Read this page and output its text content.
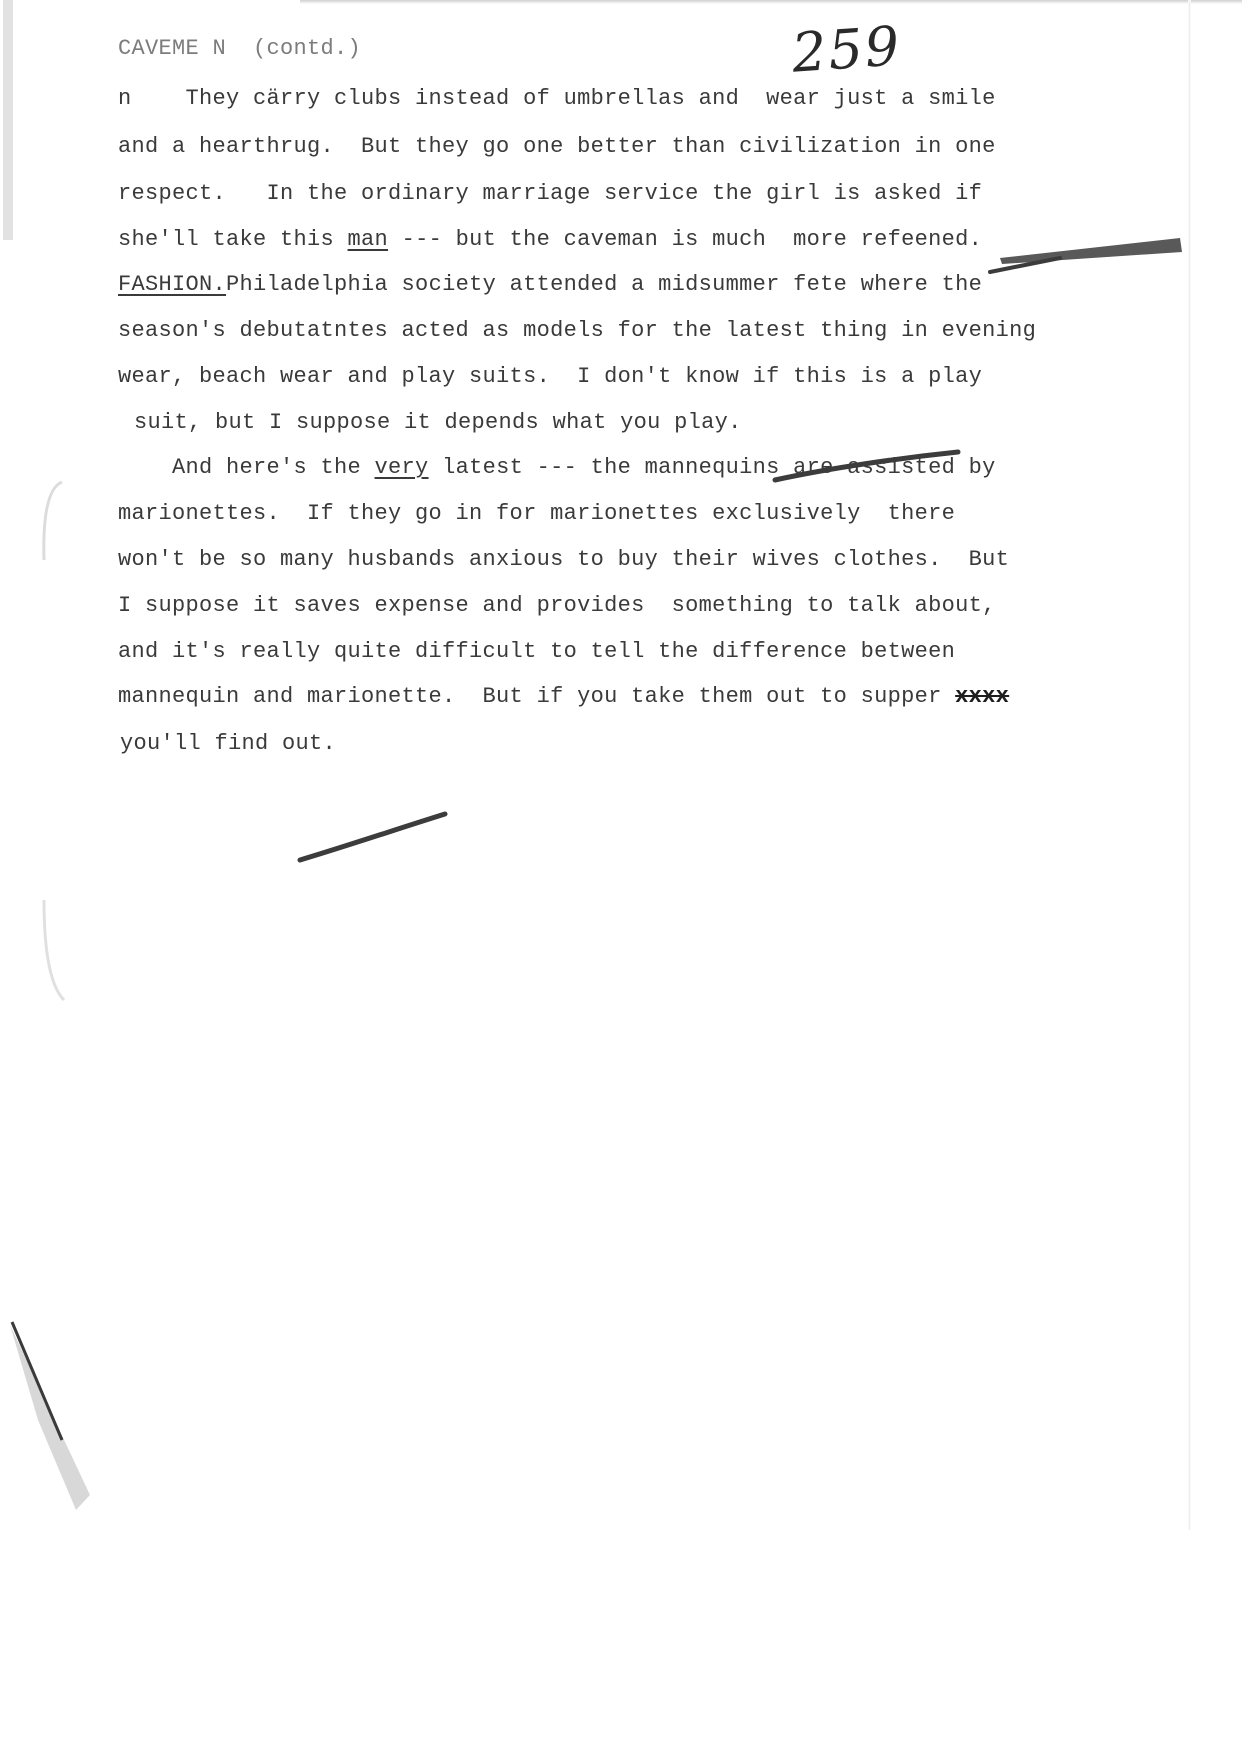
259
CAVEME N (contd.)
n    They cärry clubs instead of umbrellas and  wear just a smile
and a hearthrug.  But they go one better than civilization in one
respect.   In the ordinary marriage service the girl is asked if
she'll take this man --- but the caveman is much  more refeened.
FASHION.Philadelphia society attended a midsummer fete where the
season's debutatntes acted as models for the latest thing in evening
wear, beach wear and play suits.  I don't know if this is a play
suit, but I suppose it depends what you play.
And here's the very latest --- the mannequins are assisted by
marionettes.  If they go in for marionettes exclusively  there
won't be so many husbands anxious to buy their wives clothes.  But
I suppose it saves expense and provides  something to talk about,
and it's really quite difficult to tell the difference between
mannequin and marionette.  But if you take them out to supper xxxx
you'll find out.
